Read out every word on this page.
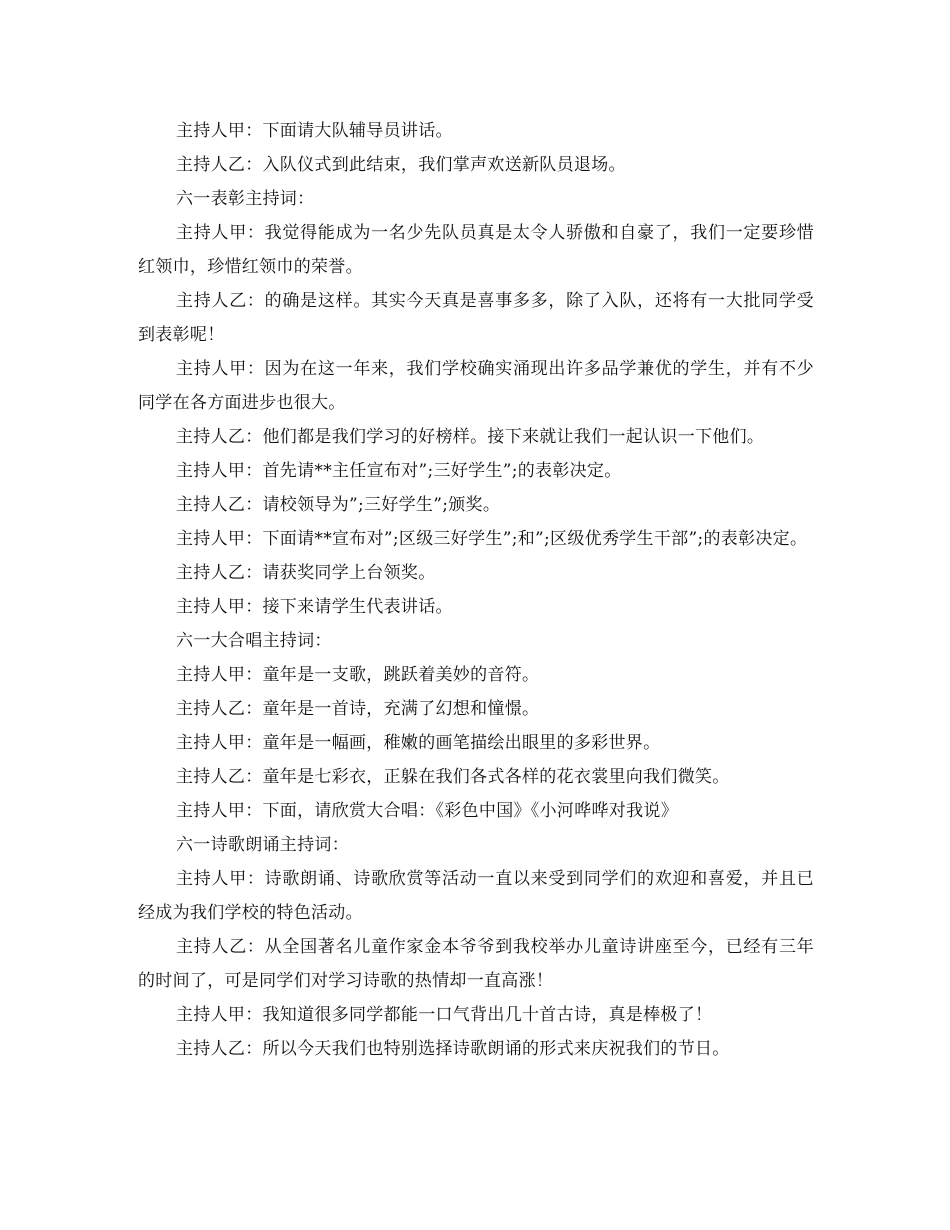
主持人甲：下面请大队辅导员讲话。

主持人乙：入队仪式到此结束，我们掌声欢送新队员退场。

六一表彰主持词：

主持人甲：我觉得能成为一名少先队员真是太令人骄傲和自豪了，我们一定要珍惜红领巾，珍惜红领巾的荣誉。

主持人乙：的确是这样。其实今天真是喜事多多，除了入队，还将有一大批同学受到表彰呢！

主持人甲：因为在这一年来，我们学校确实涌现出许多品学兼优的学生，并有不少同学在各方面进步也很大。

主持人乙：他们都是我们学习的好榜样。接下来就让我们一起认识一下他们。

主持人甲：首先请**主任宣布对”;三好学生”;的表彰决定。

主持人乙：请校领导为”;三好学生”;颁奖。

主持人甲：下面请**宣布对”;区级三好学生”;和”;区级优秀学生干部”;的表彰决定。

主持人乙：请获奖同学上台领奖。

主持人甲：接下来请学生代表讲话。

六一大合唱主持词：

主持人甲：童年是一支歌，跳跃着美妙的音符。

主持人乙：童年是一首诗，充满了幻想和憧憬。

主持人甲：童年是一幅画，稚嫩的画笔描绘出眼里的多彩世界。

主持人乙：童年是七彩衣，正躲在我们各式各样的花衣裳里向我们微笑。

主持人甲：下面，请欣赏大合唱：《彩色中国》《小河哗哗对我说》

六一诗歌朗诵主持词：

主持人甲：诗歌朗诵、诗歌欣赏等活动一直以来受到同学们的欢迎和喜爱，并且已经成为我们学校的特色活动。

主持人乙：从全国著名儿童作家金本爷爷到我校举办儿童诗讲座至今，已经有三年的时间了，可是同学们对学习诗歌的热情却一直高涨！

主持人甲：我知道很多同学都能一口气背出几十首古诗，真是棒极了！

主持人乙：所以今天我们也特别选择诗歌朗诵的形式来庆祝我们的节日。
